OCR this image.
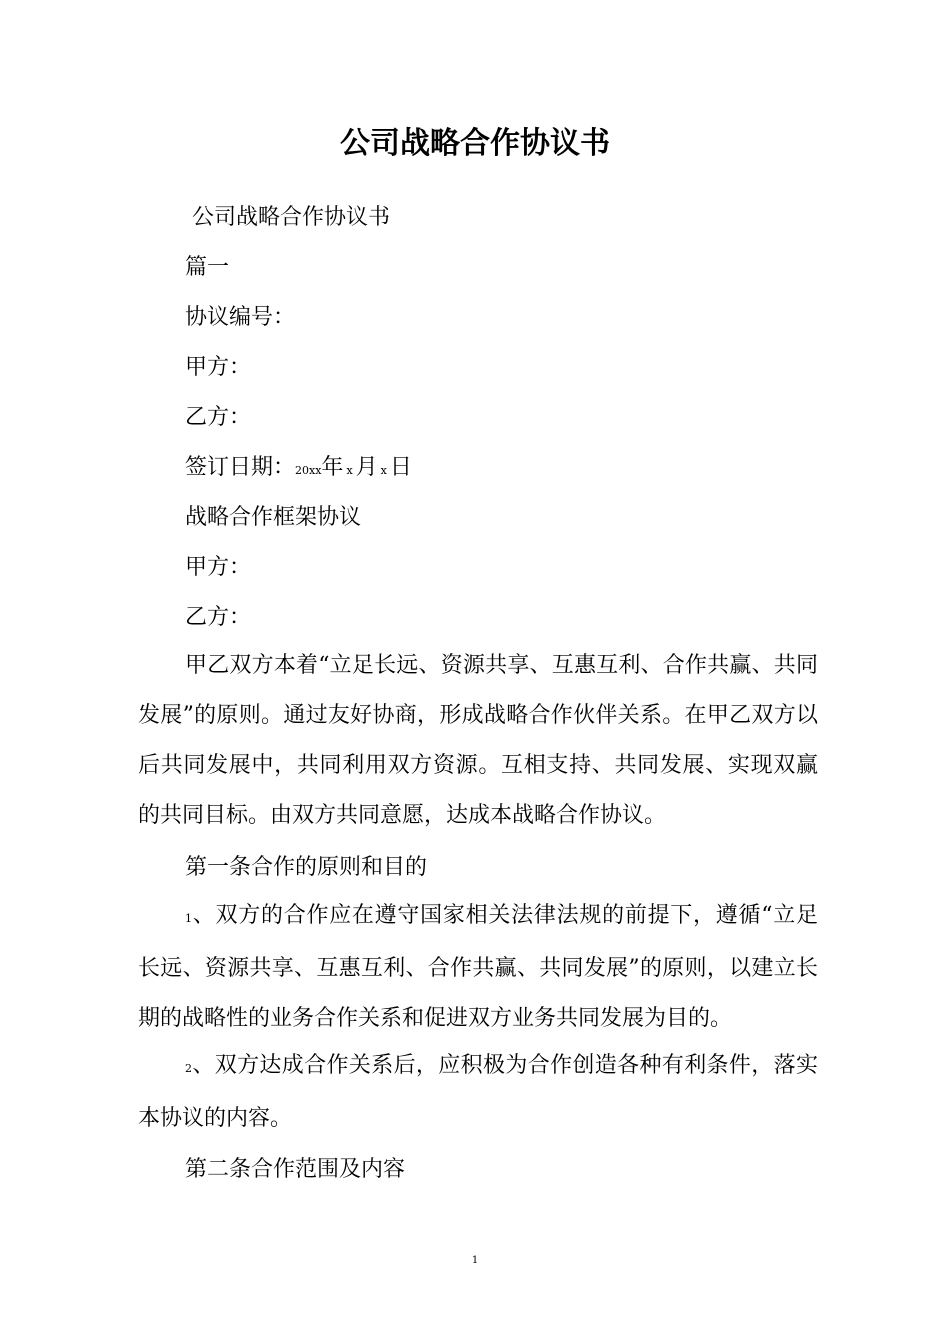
公司战略合作协议书
公司战略合作协议书
篇一
协议编号：
甲方：
乙方：
签订日期：20xx年 x 月 x 日
战略合作框架协议
甲方：
乙方：
甲乙双方本着“立足长远、资源共享、互惠互利、合作共赢、共同发展”的原则。通过友好协商，形成战略合作伙伴关系。在甲乙双方以后共同发展中，共同利用双方资源。互相支持、共同发展、实现双赢的共同目标。由双方共同意愿，达成本战略合作协议。
第一条合作的原则和目的
1、双方的合作应在遵守国家相关法律法规的前提下，遵循“立足长远、资源共享、互惠互利、合作共赢、共同发展”的原则，以建立长期的战略性的业务合作关系和促进双方业务共同发展为目的。
2、双方达成合作关系后，应积极为合作创造各种有利条件，落实本协议的内容。
第二条合作范围及内容
1
